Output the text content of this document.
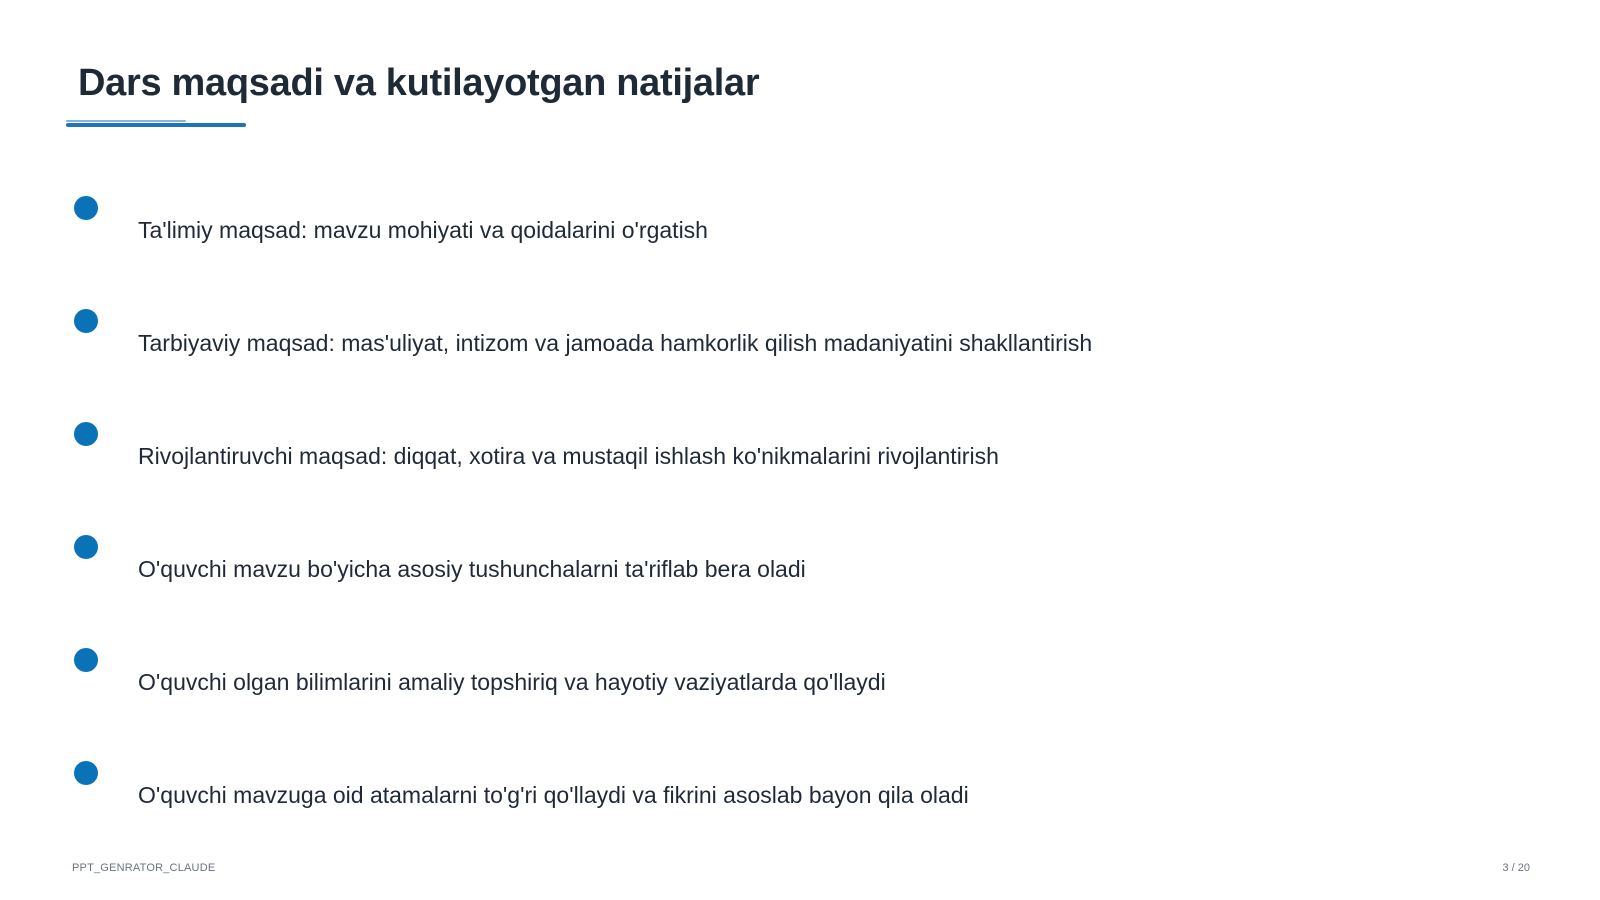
Dars maqsadi va kutilayotgan natijalar
Ta'limiy maqsad: mavzu mohiyati va qoidalarini o'rgatish
Tarbiyaviy maqsad: mas'uliyat, intizom va jamoada hamkorlik qilish madaniyatini shakllantirish
Rivojlantiruvchi maqsad: diqqat, xotira va mustaqil ishlash ko'nikmalarini rivojlantirish
O'quvchi mavzu bo'yicha asosiy tushunchalarni ta'riflab bera oladi
O'quvchi olgan bilimlarini amaliy topshiriq va hayotiy vaziyatlarda qo'llaydi
O'quvchi mavzuga oid atamalarni to'g'ri qo'llaydi va fikrini asoslab bayon qila oladi
PPT_GENRATOR_CLAUDE	3 / 20
